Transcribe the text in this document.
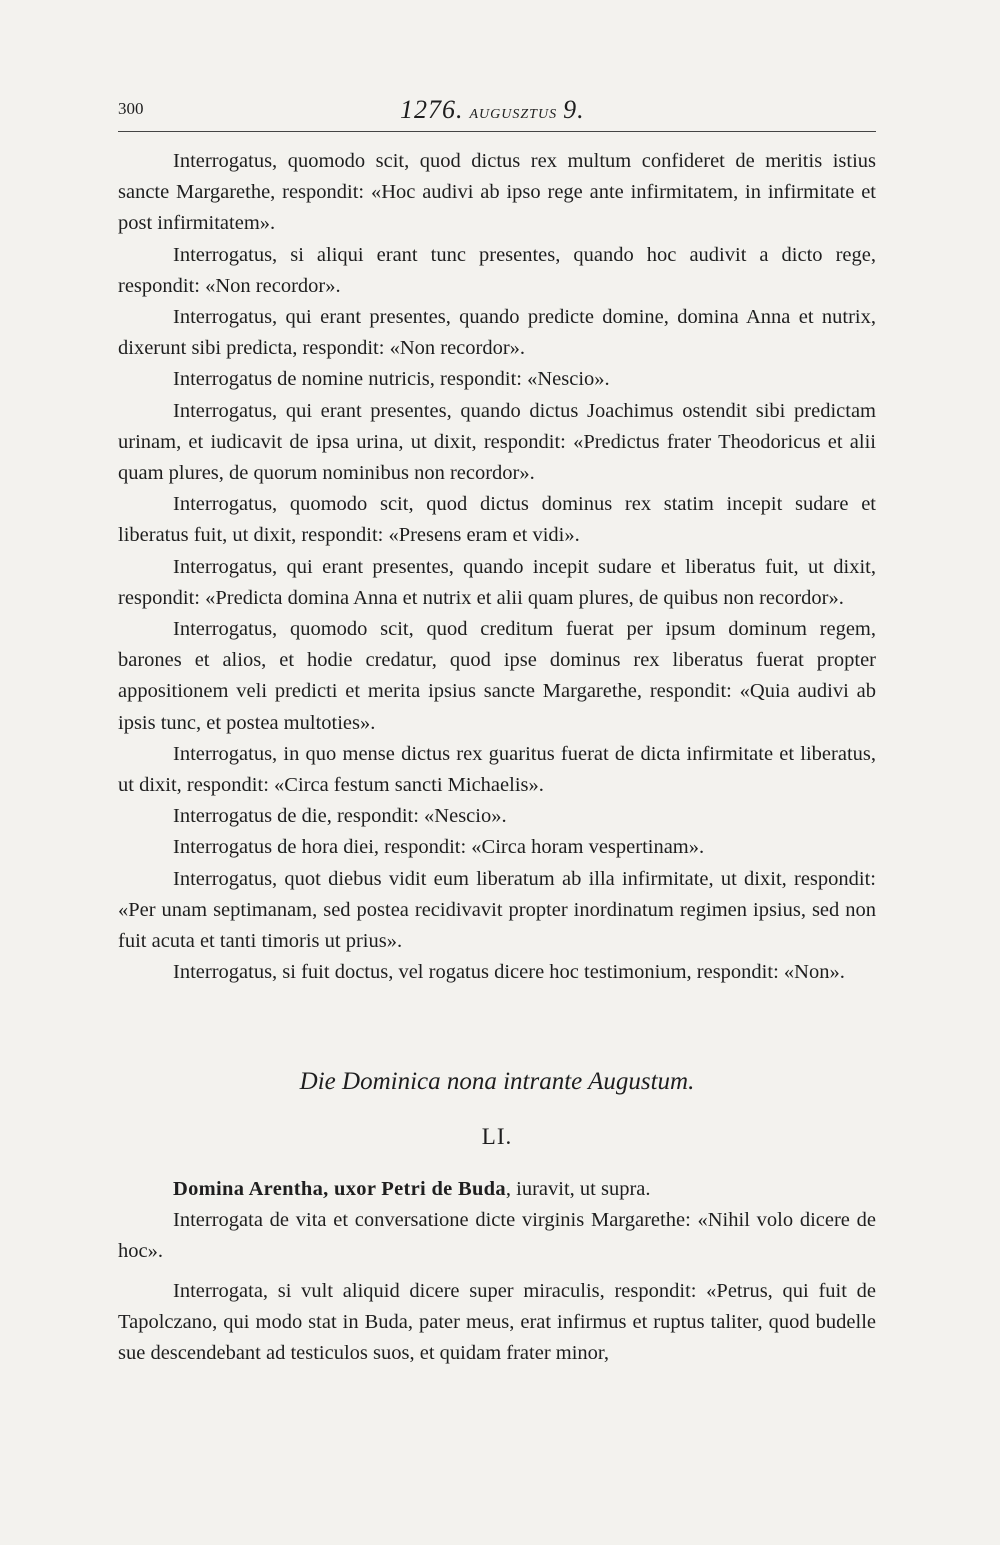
300	1276. AUGUSZTUS 9.

Interrogatus, quomodo scit, quod dictus rex multum confideret de meritis istius sancte Margarethe, respondit: «Hoc audivi ab ipso rege ante infirmitatem, in infirmitate et post infirmitatem».

Interrogatus, si aliqui erant tunc presentes, quando hoc audivit a dicto rege, respondit: «Non recordor».

Interrogatus, qui erant presentes, quando predicte domine, domina Anna et nutrix, dixerunt sibi predicta, respondit: «Non recordor».

Interrogatus de nomine nutricis, respondit: «Nescio».

Interrogatus, qui erant presentes, quando dictus Joachimus ostendit sibi predictam urinam, et iudicavit de ipsa urina, ut dixit, respondit: «Predictus frater Theodoricus et alii quam plures, de quorum nominibus non recordor».

Interrogatus, quomodo scit, quod dictus dominus rex statim incepit sudare et liberatus fuit, ut dixit, respondit: «Presens eram et vidi».

Interrogatus, qui erant presentes, quando incepit sudare et liberatus fuit, ut dixit, respondit: «Predicta domina Anna et nutrix et alii quam plures, de quibus non recordor».

Interrogatus, quomodo scit, quod creditum fuerat per ipsum dominum regem, barones et alios, et hodie credatur, quod ipse dominus rex liberatus fuerat propter appositionem veli predicti et merita ipsius sancte Margarethe, respondit: «Quia audivi ab ipsis tunc, et postea multoties».

Interrogatus, in quo mense dictus rex guaritus fuerat de dicta infirmitate et liberatus, ut dixit, respondit: «Circa festum sancti Michaelis».

Interrogatus de die, respondit: «Nescio».

Interrogatus de hora diei, respondit: «Circa horam vespertinam».

Interrogatus, quot diebus vidit eum liberatum ab illa infirmitate, ut dixit, respondit: «Per unam septimanam, sed postea recidivavit propter inordinatum regimen ipsius, sed non fuit acuta et tanti timoris ut prius».

Interrogatus, si fuit doctus, vel rogatus dicere hoc testimonium, respondit: «Non».

Die Dominica nona intrante Augustum.
LI.

Domina Arentha, uxor Petri de Buda, iuravit, ut supra.

Interrogata de vita et conversatione dicte virginis Margarethe: «Nihil volo dicere de hoc».

Interrogata, si vult aliquid dicere super miraculis, respondit: «Petrus, qui fuit de Tapolczano, qui modo stat in Buda, pater meus, erat infirmus et ruptus taliter, quod budelle sue descendebant ad testiculos suos, et quidam frater minor,
